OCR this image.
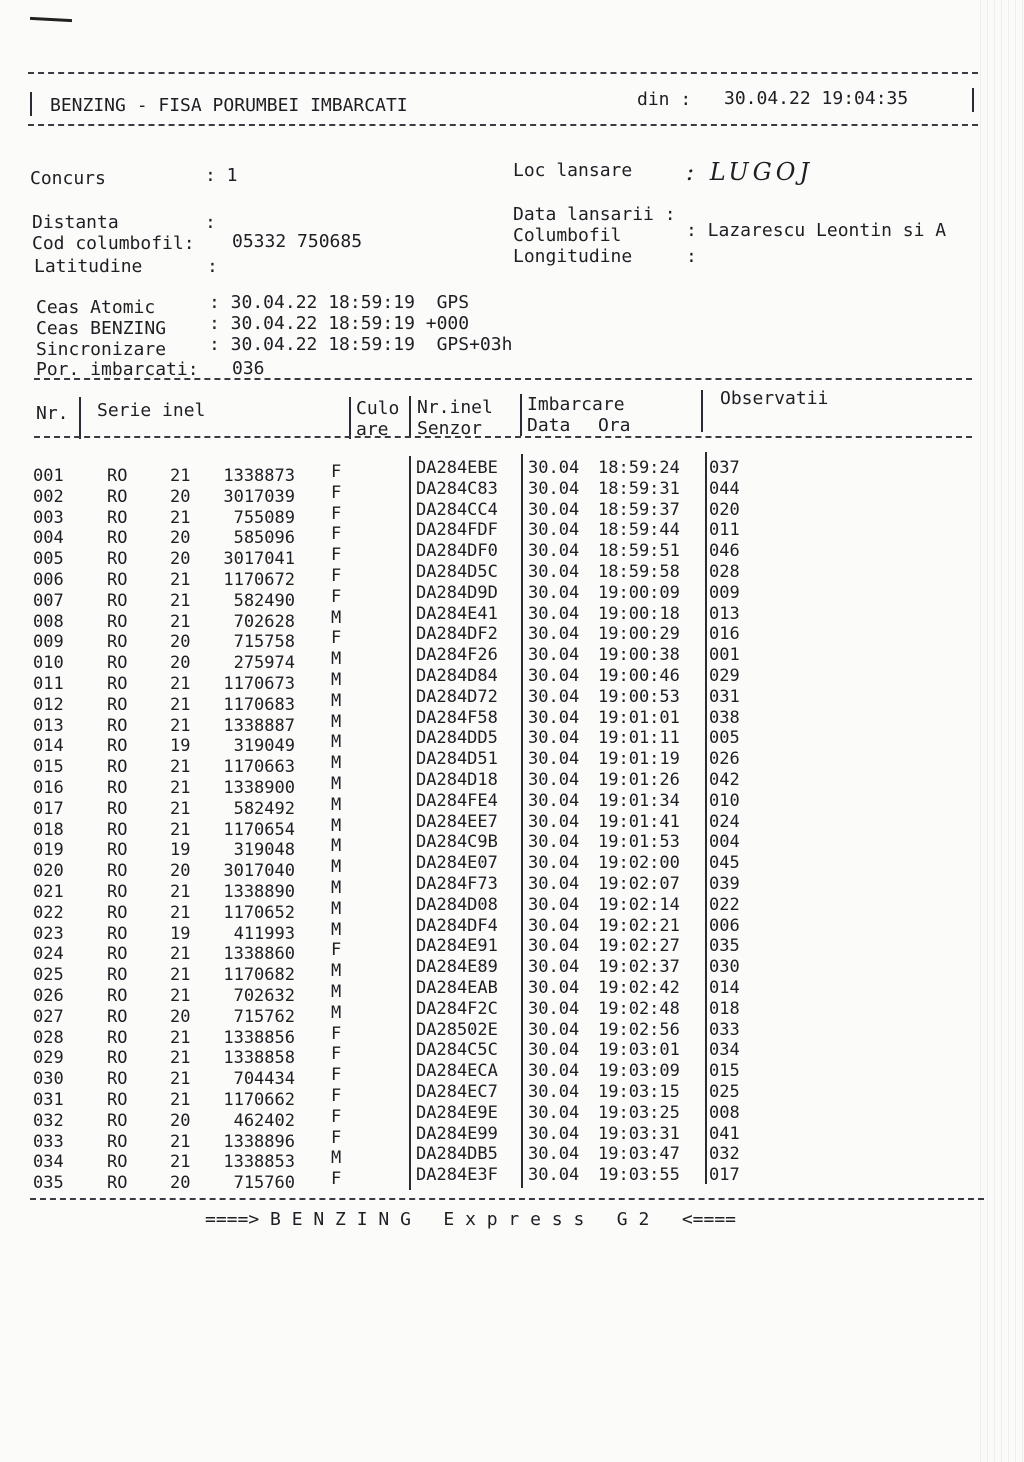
BENZING - FISA PORUMBEI IMBARCATI	din : 30.04.22 19:04:35
Concurs	: 1	Loc lansare : LUGOJ
Distanta	:
Cod columbofil: 05332 750685
Latitudine	:
Data lansarii :
Columbofil	: Lazarescu Leontin si A
Longitudine	:
Ceas Atomic	: 30.04.22 18:59:19  GPS
Ceas BENZING : 30.04.22 18:59:19 +000
Sincronizare : 30.04.22 18:59:19  GPS+03h
Por. imbarcati: 036
Nr. Serie inel	Culo
are
Nr.inel
Senzor
Imbarcare
Data Ora
Observatii
001	RO	21	1338873 F	DA284EBE 30.04 18:59:24 037
002	RO	20	3017039 F	DA284C83 30.04 18:59:31 044
003	RO	21	755089 F	DA284CC4 30.04 18:59:37 020
004	RO	20	585096 F	DA284FDF 30.04 18:59:44 011
005	RO	20	3017041 F	DA284DF0 30.04 18:59:51 046
006	RO	21	1170672 F	DA284D5C 30.04 18:59:58 028
007	RO	21	582490 F	DA284D9D 30.04 19:00:09 009
008	RO	21	702628 M	DA284E41 30.04 19:00:18 013
009	RO	20	715758 F	DA284DF2 30.04 19:00:29 016
010	RO	20	275974 M	DA284F26 30.04 19:00:38 001
011	RO	21	1170673 M	DA284D84 30.04 19:00:46 029
012	RO	21	1170683 M	DA284D72 30.04 19:00:53 031
013	RO	21	1338887 M	DA284F58 30.04 19:01:01 038
014	RO	19	319049 M	DA284DD5 30.04 19:01:11 005
015	RO	21	1170663 M	DA284D51 30.04 19:01:19 026
016	RO	21	1338900 M	DA284D18 30.04 19:01:26 042
017	RO	21	582492 M	DA284FE4 30.04 19:01:34 010
018	RO	21	1170654 M	DA284EE7 30.04 19:01:41 024
019	RO	19	319048 M	DA284C9B 30.04 19:01:53 004
020	RO	20	3017040 M	DA284E07 30.04 19:02:00 045
021	RO	21	1338890 M	DA284F73 30.04 19:02:07 039
022	RO	21	1170652 M	DA284D08 30.04 19:02:14 022
023	RO	19	411993 M	DA284DF4 30.04 19:02:21 006
024	RO	21	1338860 F	DA284E91 30.04 19:02:27 035
025	RO	21	1170682 M	DA284E89 30.04 19:02:37 030
026	RO	21	702632 M	DA284EAB 30.04 19:02:42 014
027	RO	20	715762 M	DA284F2C 30.04 19:02:48 018
028	RO	21	1338856 F	DA28502E 30.04 19:02:56 033
029	RO	21	1338858 F	DA284C5C 30.04 19:03:01 034
030	RO	21	704434 F	DA284ECA 30.04 19:03:09 015
031	RO	21	1170662 F	DA284EC7 30.04 19:03:15 025
032	RO	20	462402 F	DA284E9E 30.04 19:03:25 008
033	RO	21	1338896 F	DA284E99 30.04 19:03:31 041
034	RO	21	1338853 M	DA284DB5 30.04 19:03:47 032
035	RO	20	715760 F	DA284E3F 30.04 19:03:55 017
====> B E N Z I N G   E x p r e s s   G 2   <====
